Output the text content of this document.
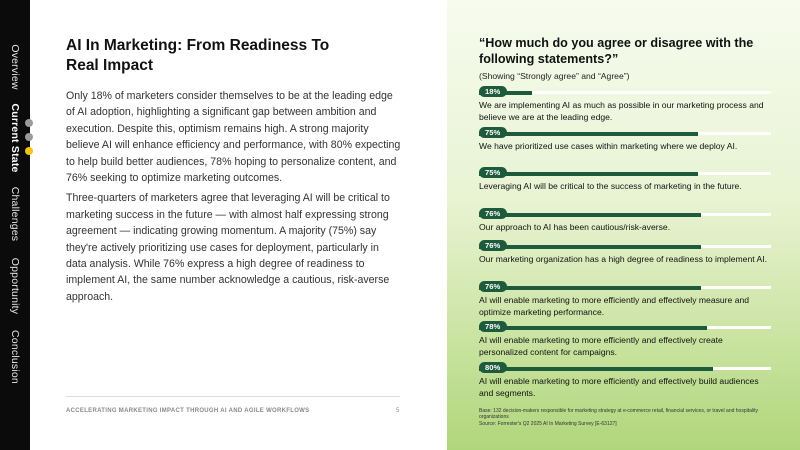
Overview
Current State
Challenges
Opportunity
Conclusion
AI In Marketing: From Readiness To
Real Impact

Only 18% of marketers consider themselves to be at the leading edge of AI adoption, highlighting a significant gap between ambition and execution. Despite this, optimism remains high. A strong majority believe AI will enhance efficiency and performance, with 80% expecting to help build better audiences, 78% hoping to personalize content, and 76% seeking to optimize marketing outcomes.

Three-quarters of marketers agree that leveraging AI will be critical to marketing success in the future — with almost half expressing strong agreement — indicating growing momentum. A majority (75%) say they're actively prioritizing use cases for deployment, particularly in data analysis. While 76% express a high degree of readiness to implement AI, the same number acknowledge a cautious, risk-averse approach.

ACCELERATING MARKETING IMPACT THROUGH AI AND AGILE WORKFLOWS	5
“How much do you agree or disagree with the following statements?”
(Showing “Strongly agree” and “Agree”)
18%
We are implementing AI as much as possible in our marketing process and believe we are at the leading edge.
75%
We have prioritized use cases within marketing where we deploy AI.
75%
Leveraging AI will be critical to the success of marketing in the future.
76%
Our approach to AI has been cautious/risk-averse.
76%
Our marketing organization has a high degree of readiness to implement AI.
76%
AI will enable marketing to more efficiently and effectively measure and optimize marketing performance.
78%
AI will enable marketing to more efficiently and effectively create personalized content for campaigns.
80%
AI will enable marketing to more efficiently and effectively build audiences and segments.
Base: 132 decision-makers responsible for marketing strategy at e-commerce retail, financial services, or travel and hospitality organizations
Source: Forrester's Q2 2025 AI In Marketing Survey [E-63127]
